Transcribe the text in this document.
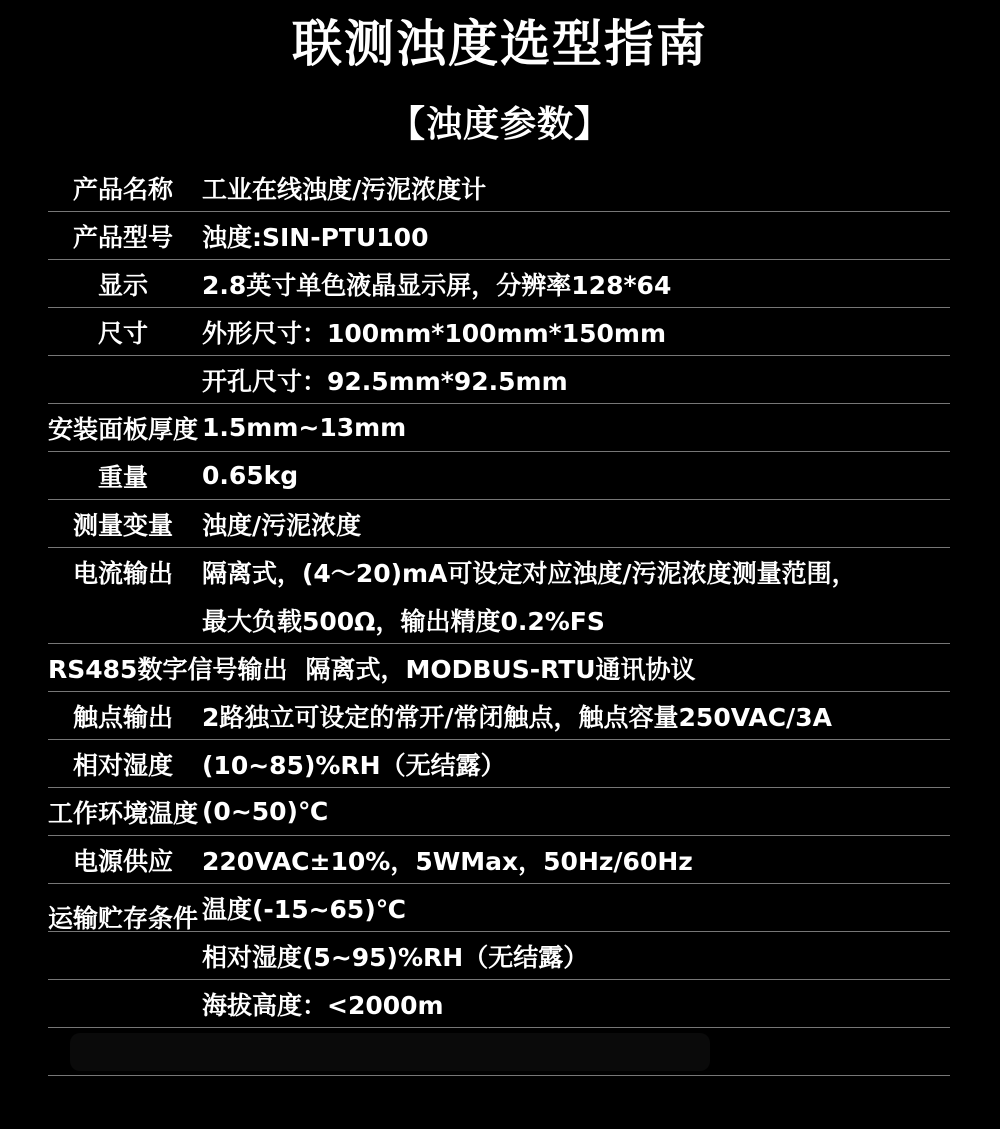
联测浊度选型指南
【浊度参数】
产品名称	工业在线浊度/污泥浓度计
产品型号	浊度:SIN-PTU100
显示	2.8英寸单色液晶显示屏，分辨率128*64
尺寸	外形尺寸：100mm*100mm*150mm
开孔尺寸：92.5mm*92.5mm
安装面板厚度 1.5mm~13mm
重量	0.65kg
测量变量	浊度/污泥浓度
电流输出	隔离式，(4～20)mA可设定对应浊度/污泥浓度测量范围，
最大负载500Ω，输出精度0.2%FS
RS485数字信号输出 隔离式，MODBUS-RTU通讯协议
触点输出	2路独立可设定的常开/常闭触点，触点容量250VAC/3A
相对湿度	(10~85)%RH（无结露）
工作环境温度 (0~50)℃
电源供应	220VAC±10%，5WMax，50Hz/60Hz
运输贮存条件 温度(-15~65)℃
相对湿度(5~95)%RH（无结露）
海拔高度：<2000m
